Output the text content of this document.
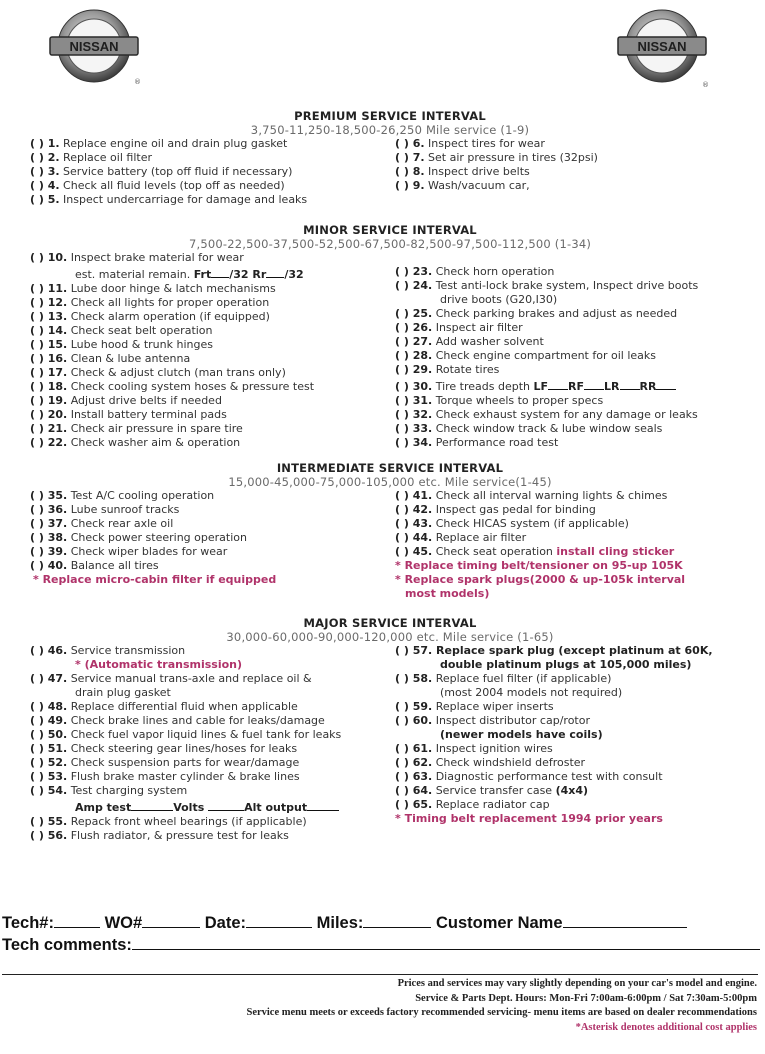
NISSAN
®
NISSAN
®
PREMIUM SERVICE INTERVAL
3,750-11,250-18,500-26,250 Mile service (1-9)
( ) 1. Replace engine oil and drain plug gasket
( ) 2. Replace oil filter
( ) 3. Service battery (top off fluid if necessary)
( ) 4. Check all fluid levels (top off as needed)
( ) 5. Inspect undercarriage for damage and leaks
( ) 6. Inspect tires for wear
( ) 7. Set air pressure in tires (32psi)
( ) 8. Inspect drive belts
( ) 9. Wash/vacuum car,
MINOR SERVICE INTERVAL
7,500-22,500-37,500-52,500-67,500-82,500-97,500-112,500 (1-34)
( ) 10. Inspect brake material for wear
est. material remain. Frt /32 Rr /32
( ) 11. Lube door hinge & latch mechanisms
( ) 12. Check all lights for proper operation
( ) 13. Check alarm operation (if equipped)
( ) 14. Check seat belt operation
( ) 15. Lube hood & trunk hinges
( ) 16. Clean & lube antenna
( ) 17. Check & adjust clutch (man trans only)
( ) 18. Check cooling system hoses & pressure test
( ) 19. Adjust drive belts if needed
( ) 20. Install battery terminal pads
( ) 21. Check air pressure in spare tire
( ) 22. Check washer aim & operation
( ) 23. Check horn operation
( ) 24. Test anti-lock brake system, Inspect drive boots
drive boots (G20,I30)
( ) 25. Check parking brakes and adjust as needed
( ) 26. Inspect air filter
( ) 27. Add washer solvent
( ) 28. Check engine compartment for oil leaks
( ) 29. Rotate tires
( ) 30. Tire treads depth LF RF LR RR
( ) 31. Torque wheels to proper specs
( ) 32. Check exhaust system for any damage or leaks
( ) 33. Check window track & lube window seals
( ) 34. Performance road test
INTERMEDIATE SERVICE INTERVAL
15,000-45,000-75,000-105,000 etc. Mile service(1-45)
( ) 35. Test A/C cooling operation
( ) 36. Lube sunroof tracks
( ) 37. Check rear axle oil
( ) 38. Check power steering operation
( ) 39. Check wiper blades for wear
( ) 40. Balance all tires
* Replace micro-cabin filter if equipped
( ) 41. Check all interval warning lights & chimes
( ) 42. Inspect gas pedal for binding
( ) 43. Check HICAS system (if applicable)
( ) 44. Replace air filter
( ) 45. Check seat operation install cling sticker
* Replace timing belt/tensioner on 95-up 105K
* Replace spark plugs(2000 & up-105k interval
most models)
MAJOR SERVICE INTERVAL
30,000-60,000-90,000-120,000 etc. Mile service (1-65)
( ) 46. Service transmission
* (Automatic transmission)
( ) 47. Service manual trans-axle and replace oil &
drain plug gasket
( ) 48. Replace differential fluid when applicable
( ) 49. Check brake lines and cable for leaks/damage
( ) 50. Check fuel vapor liquid lines & fuel tank for leaks
( ) 51. Check steering gear lines/hoses for leaks
( ) 52. Check suspension parts for wear/damage
( ) 53. Flush brake master cylinder & brake lines
( ) 54. Test charging system
Amp test	Volts	Alt output
( ) 55. Repack front wheel bearings (if applicable)
( ) 56. Flush radiator, & pressure test for leaks
( ) 57. Replace spark plug (except platinum at 60K,
double platinum plugs at 105,000 miles)
( ) 58. Replace fuel filter (if applicable)
(most 2004 models not required)
( ) 59. Replace wiper inserts
( ) 60. Inspect distributor cap/rotor
(newer models have coils)
( ) 61. Inspect ignition wires
( ) 62. Check windshield defroster
( ) 63. Diagnostic performance test with consult
( ) 64. Service transfer case (4x4)
( ) 65. Replace radiator cap
* Timing belt replacement 1994 prior years
Tech#:	WO#	Date:	Miles:	Customer Name
Tech comments:
Prices and services may vary slightly depending on your car's model and engine.
Service & Parts Dept. Hours: Mon-Fri 7:00am-6:00pm / Sat 7:30am-5:00pm
Service menu meets or exceeds factory recommended servicing- menu items are based on dealer recommendations
*Asterisk denotes additional cost applies
